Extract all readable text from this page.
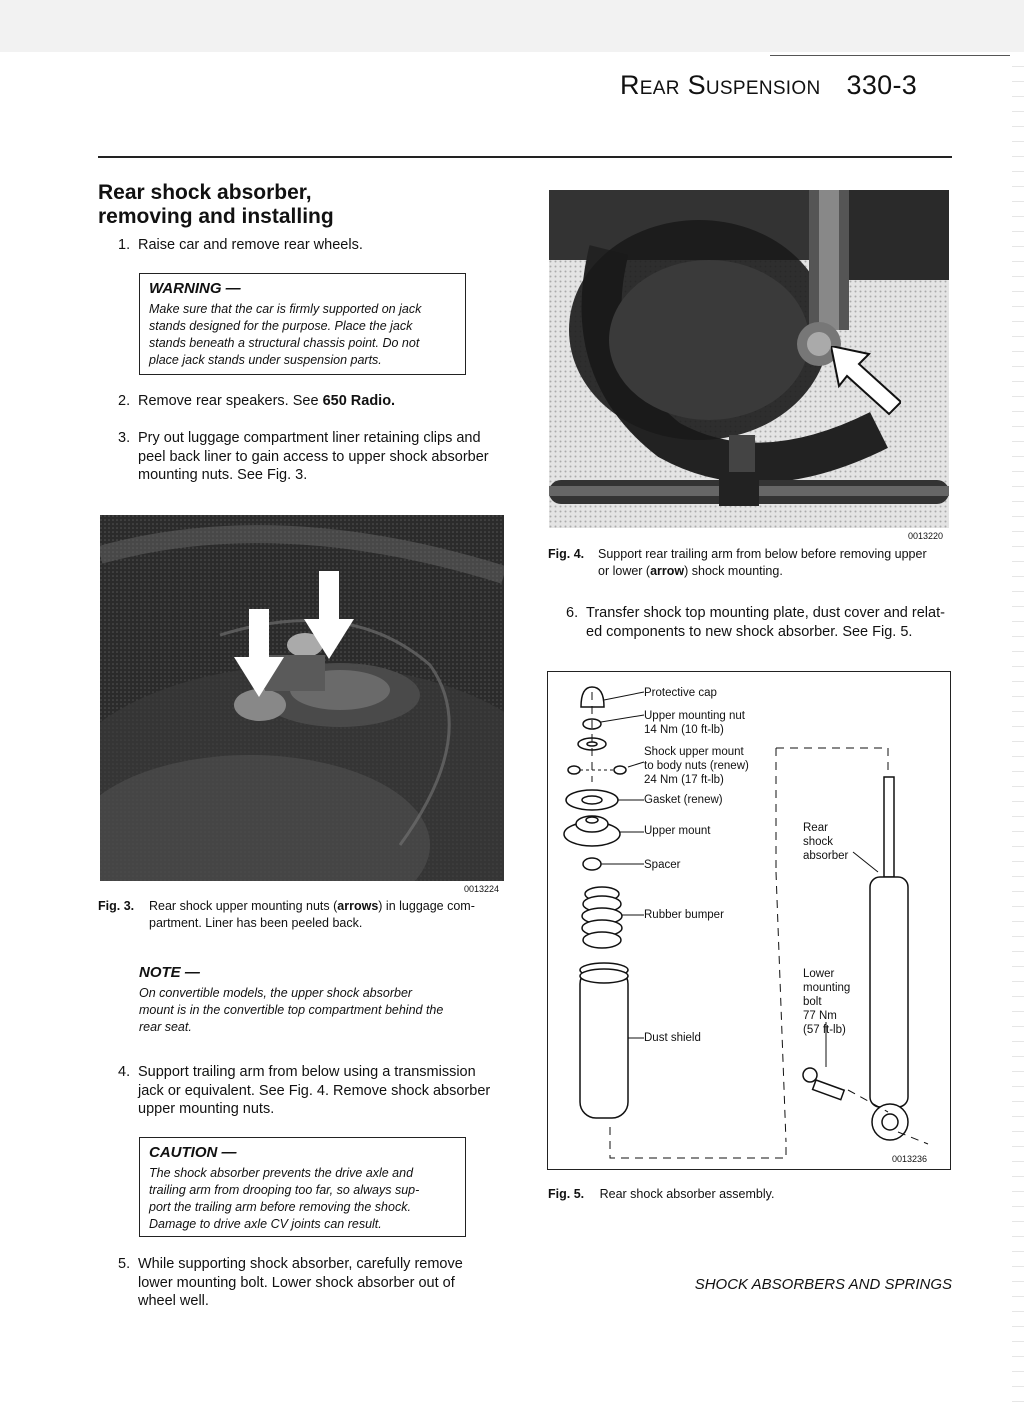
Rear Suspension 330-3
Rear shock absorber,
removing and installing
1. Raise car and remove rear wheels.
WARNING —
Make sure that the car is firmly supported on jack
stands designed for the purpose. Place the jack
stands beneath a structural chassis point. Do not
place jack stands under suspension parts.
2. Remove rear speakers. See 650 Radio.
3. Pry out luggage compartment liner retaining clips and
peel back liner to gain access to upper shock absorber
mounting nuts. See Fig. 3.
0013224
Fig. 3. Rear shock upper mounting nuts (arrows) in luggage com-
partment. Liner has been peeled back.
NOTE —
On convertible models, the upper shock absorber
mount is in the convertible top compartment behind the
rear seat.
4. Support trailing arm from below using a transmission
jack or equivalent. See Fig. 4. Remove shock absorber
upper mounting nuts.
CAUTION —
The shock absorber prevents the drive axle and
trailing arm from drooping too far, so always sup-
port the trailing arm before removing the shock.
Damage to drive axle CV joints can result.
5. While supporting shock absorber, carefully remove
lower mounting bolt. Lower shock absorber out of
wheel well.
0013220
Fig. 4. Support rear trailing arm from below before removing upper
or lower (arrow) shock mounting.
6. Transfer shock top mounting plate, dust cover and relat-
ed components to new shock absorber. See Fig. 5.
Protective cap
Upper mounting nut
14 Nm (10 ft-lb)
Shock upper mount
to body nuts (renew)
24 Nm (17 ft-lb)
Gasket (renew)
Upper mount
Spacer
Rubber bumper
Dust shield
Rear
shock
absorber
Lower
mounting
bolt
77 Nm
(57 ft-lb)
0013236
Fig. 5. Rear shock absorber assembly.
SHOCK ABSORBERS AND SPRINGS
